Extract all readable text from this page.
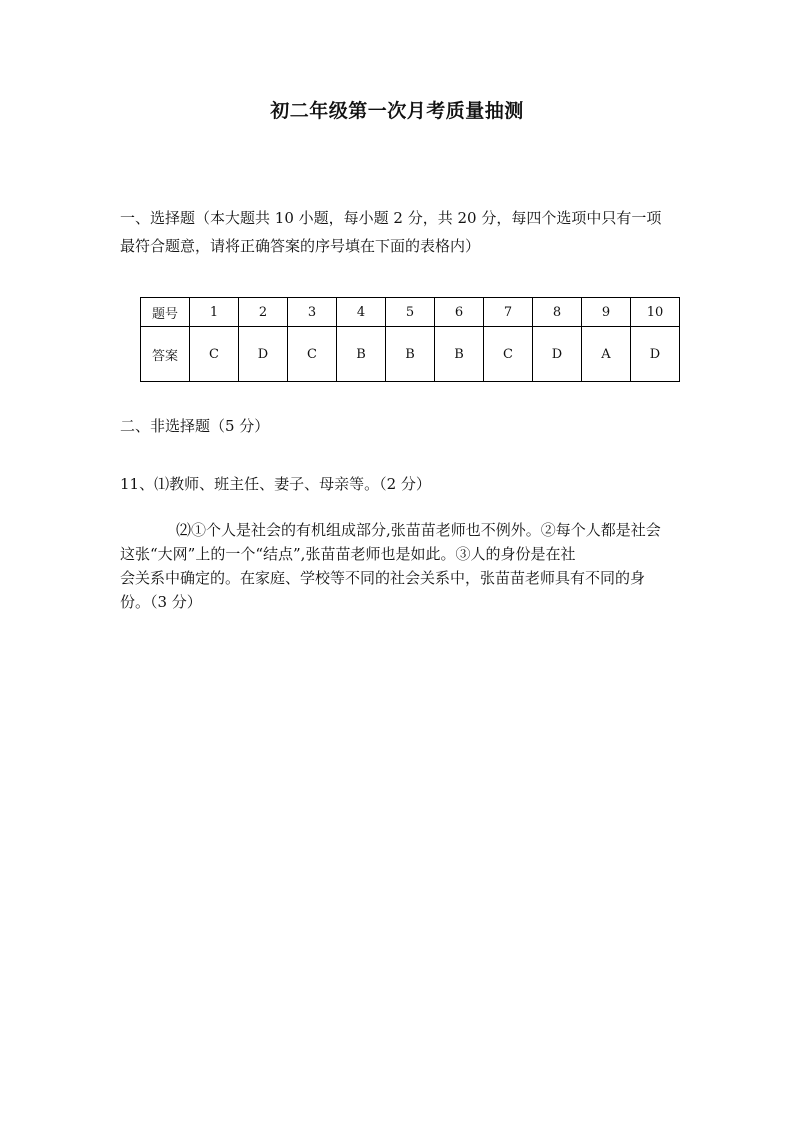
初二年级第一次月考质量抽测
一、选择题（本大题共 10 小题，每小题 2 分，共 20 分，每四个选项中只有一项
最符合题意，请将正确答案的序号填在下面的表格内）
题号	1	2	3	4	5	6	7	8	9	10
答案	C	D	C	B	B	B	C	D	A	D
二、非选择题（5 分）
11、⑴教师、班主任、妻子、母亲等。（2 分）
⑵①个人是社会的有机组成部分,张苗苗老师也不例外。②每个人都是社会
这张“大网”上的一个“结点”,张苗苗老师也是如此。③人的身份是在社
会关系中确定的。在家庭、学校等不同的社会关系中，张苗苗老师具有不同的身
份。（3 分）
